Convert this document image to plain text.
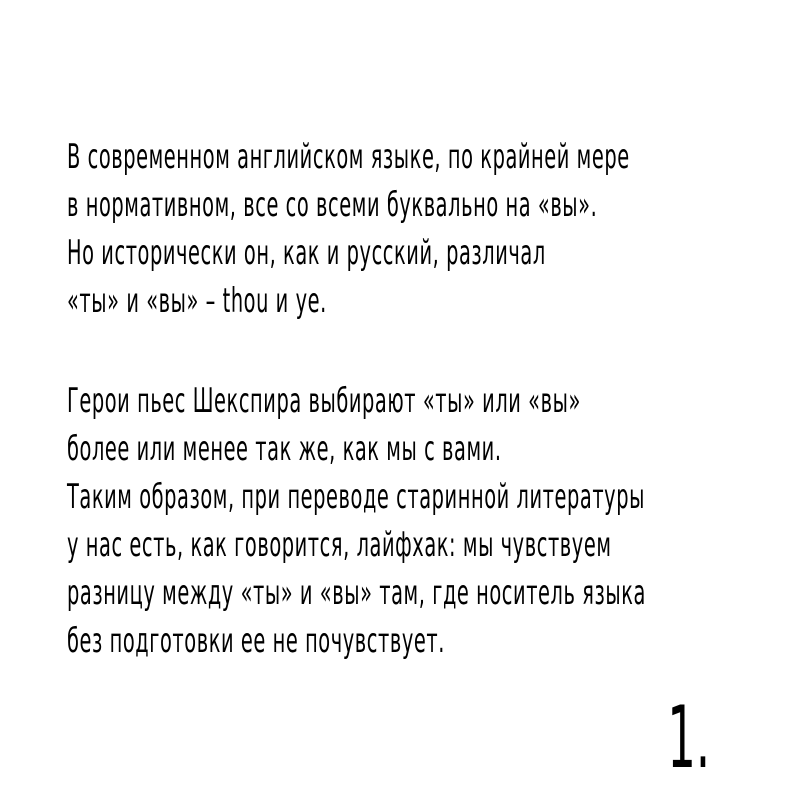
В современном английском языке, по крайней мере
в нормативном, все со всеми буквально на «вы».
Но исторически он, как и русский, различал
«ты» и «вы» – thou и ye.
Герои пьес Шекспира выбирают «ты» или «вы»
более или менее так же, как мы с вами.
Таким образом, при переводе старинной литературы
у нас есть, как говорится, лайфхак: мы чувствуем
разницу между «ты» и «вы» там, где носитель языка
без подготовки ее не почувствует.
1.
